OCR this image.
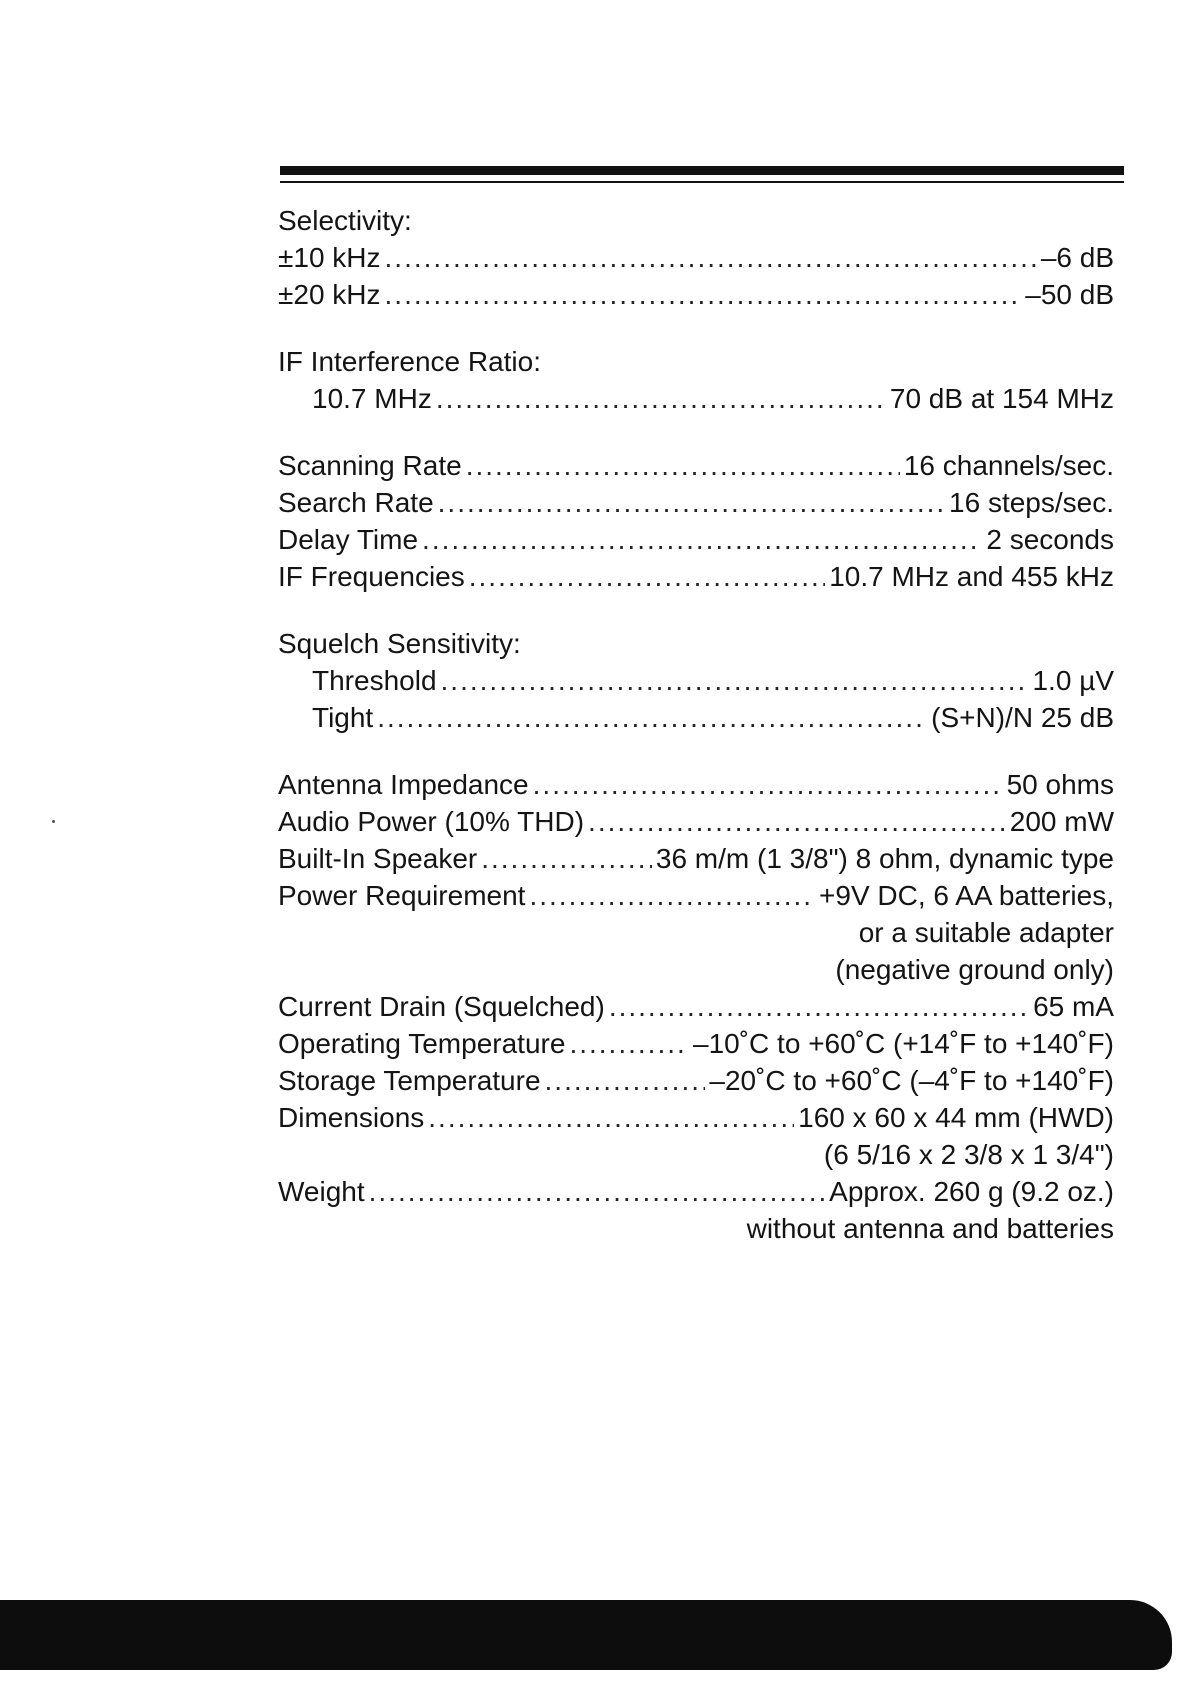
Selectivity:
±10 kHz .....	–6 dB
±20 kHz .....	–50 dB
IF Interference Ratio:
10.7 MHz .....	70 dB at 154 MHz
Scanning Rate .....	16 channels/sec.
Search Rate .....	16 steps/sec.
Delay Time .....	2 seconds
IF Frequencies .....	10.7 MHz and 455 kHz
Squelch Sensitivity:
Threshold .....	1.0 µV
Tight .....	(S+N)/N 25 dB
Antenna Impedance .....	50 ohms
Audio Power (10% THD) .....	200 mW
Built-In Speaker .....	36 m/m (1 3/8") 8 ohm, dynamic type
Power Requirement .....	+9V DC, 6 AA batteries,
or a suitable adapter
(negative ground only)
Current Drain (Squelched) .....	65 mA
Operating Temperature .....	–10˚C to +60˚C (+14˚F to +140˚F)
Storage Temperature .....	–20˚C to +60˚C (–4˚F to +140˚F)
Dimensions .....	160 x 60 x 44 mm (HWD)
(6 5/16 x 2 3/8 x 1 3/4")
Weight .....	Approx. 260 g (9.2 oz.)
without antenna and batteries
